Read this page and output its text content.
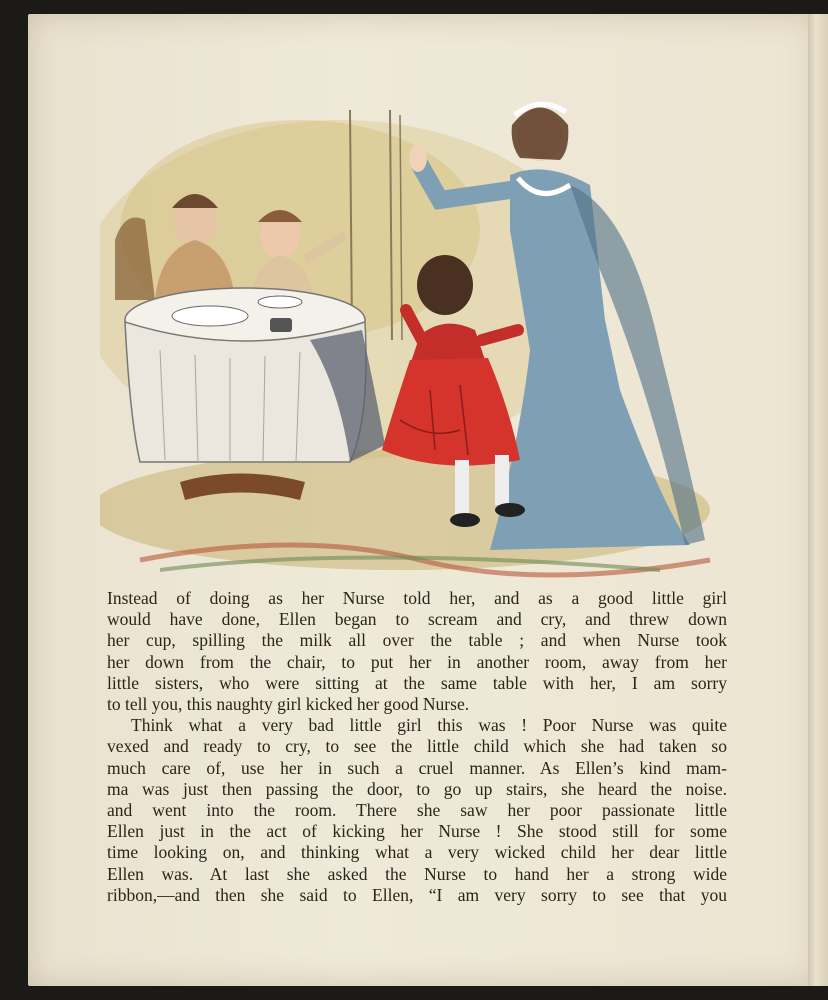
Instead of doing as her Nurse told her, and as a good little girl
would have done, Ellen began to scream and cry, and threw down
her cup, spilling the milk all over the table ; and when Nurse took
her down from the chair, to put her in another room, away from her
little sisters, who were sitting at the same table with her, I am sorry
to tell you, this naughty girl kicked her good Nurse.

Think what a very bad little girl this was ! Poor Nurse was quite
vexed and ready to cry, to see the little child which she had taken so
much care of, use her in such a cruel manner. As Ellen’s kind mam-
ma was just then passing the door, to go up stairs, she heard the noise.
and went into the room. There she saw her poor passionate little
Ellen just in the act of kicking her Nurse ! She stood still for some
time looking on, and thinking what a very wicked child her dear little
Ellen was. At last she asked the Nurse to hand her a strong wide
ribbon,—and then she said to Ellen, “I am very sorry to see that you
